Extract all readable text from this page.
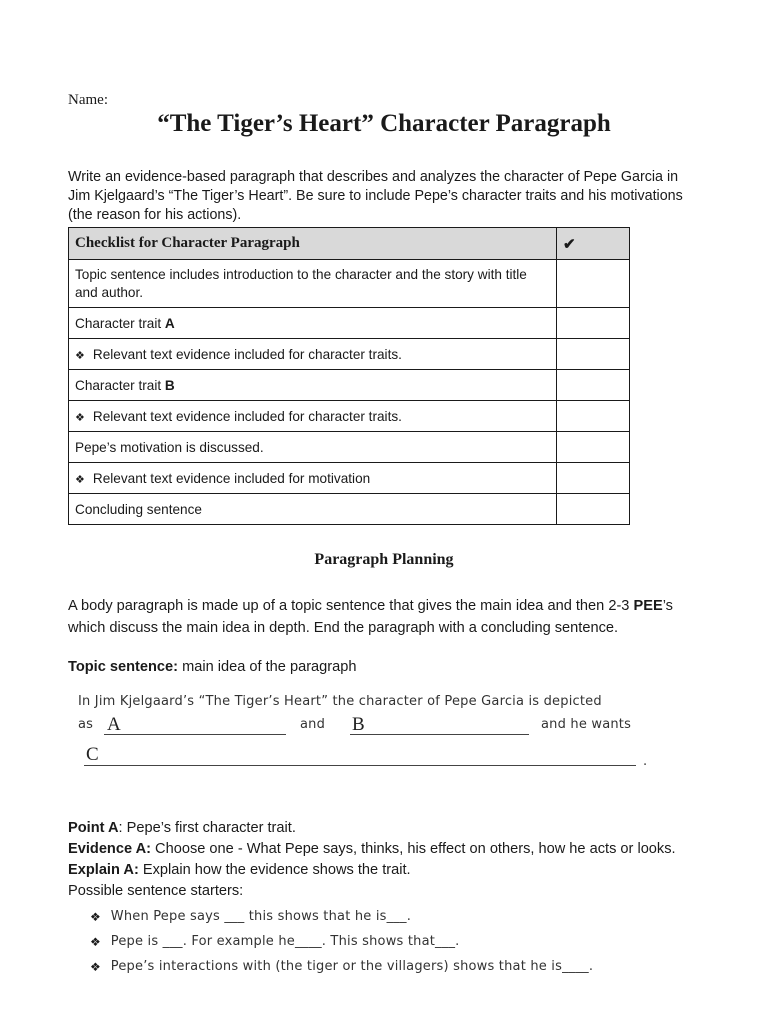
Name:
“The Tiger’s Heart” Character Paragraph

Write an evidence-based paragraph that describes and analyzes the character of Pepe Garcia in Jim Kjelgaard’s “The Tiger’s Heart”. Be sure to include Pepe’s character traits and his motivations (the reason for his actions).

Checklist for Character Paragraph	✔
Topic sentence includes introduction to the character and the story with title and author.	
Character trait A	
❖ Relevant text evidence included for character traits.	
Character trait B	
❖ Relevant text evidence included for character traits.	
Pepe’s motivation is discussed.	
❖ Relevant text evidence included for motivation	
Concluding sentence	
Paragraph Planning

A body paragraph is made up of a topic sentence that gives the main idea and then 2-3 PEE’s which discuss the main idea in depth. End the paragraph with a concluding sentence.

Topic sentence: main idea of the paragraph

In Jim Kjelgaard’s “The Tiger’s Heart” the character of Pepe Garcia is depicted
as A	and B	and he wants
C	.
Point A: Pepe’s first character trait.
Evidence A: Choose one - What Pepe says, thinks, his effect on others, how he acts or looks.
Explain A: Explain how the evidence shows the trait.
Possible sentence starters:
❖ When Pepe says ___ this shows that he is___.
❖ Pepe is ___. For example he____. This shows that___.
❖ Pepe’s interactions with (the tiger or the villagers) shows that he is____.
